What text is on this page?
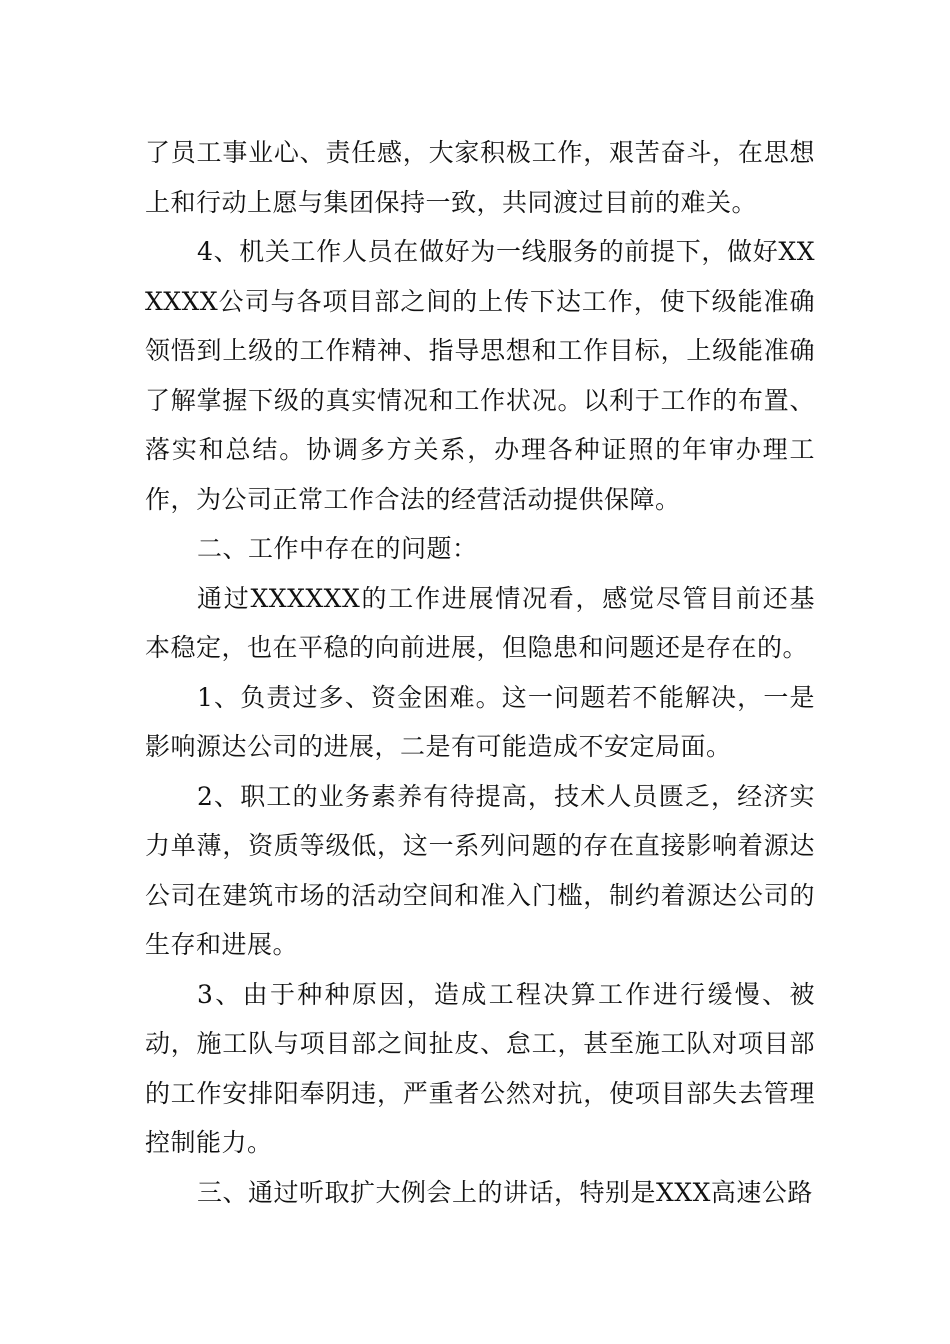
了员工事业心、责任感，大家积极工作，艰苦奋斗，在思想上和行动上愿与集团保持一致，共同渡过目前的难关。

4、机关工作人员在做好为一线服务的前提下，做好XXXXXX公司与各项目部之间的上传下达工作，使下级能准确领悟到上级的工作精神、指导思想和工作目标，上级能准确了解掌握下级的真实情况和工作状况。以利于工作的布置、落实和总结。协调多方关系，办理各种证照的年审办理工作，为公司正常工作合法的经营活动提供保障。

二、工作中存在的问题：

通过XXXXXX的工作进展情况看，感觉尽管目前还基本稳定，也在平稳的向前进展，但隐患和问题还是存在的。

1、负责过多、资金困难。这一问题若不能解决，一是影响源达公司的进展，二是有可能造成不安定局面。

2、职工的业务素养有待提高，技术人员匮乏，经济实力单薄，资质等级低，这一系列问题的存在直接影响着源达公司在建筑市场的活动空间和准入门槛，制约着源达公司的生存和进展。

3、由于种种原因，造成工程决算工作进行缓慢、被动，施工队与项目部之间扯皮、怠工，甚至施工队对项目部的工作安排阳奉阴违，严重者公然对抗，使项目部失去管理控制能力。

三、通过听取扩大例会上的讲话，特别是XXX高速公路
